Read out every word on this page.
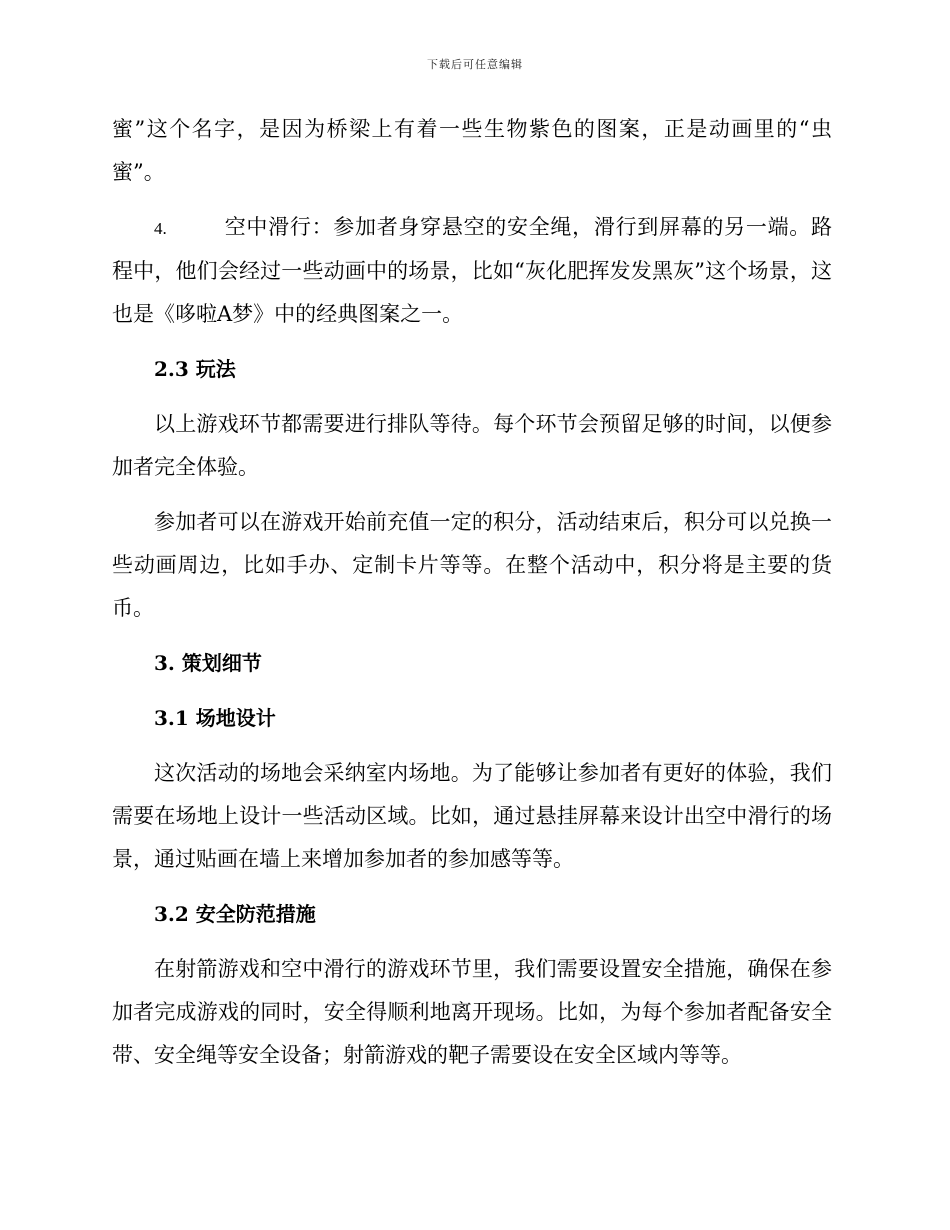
下载后可任意编辑

蜜”这个名字，是因为桥梁上有着一些生物紫色的图案，正是动画里的“虫蜜”。

4.	空中滑行：参加者身穿悬空的安全绳，滑行到屏幕的另一端。路程中，他们会经过一些动画中的场景，比如“灰化肥挥发发黑灰”这个场景，这也是《哆啦A梦》中的经典图案之一。

2.3 玩法

以上游戏环节都需要进行排队等待。每个环节会预留足够的时间，以便参加者完全体验。

参加者可以在游戏开始前充值一定的积分，活动结束后，积分可以兑换一些动画周边，比如手办、定制卡片等等。在整个活动中，积分将是主要的货币。

3. 策划细节
3.1 场地设计

这次活动的场地会采纳室内场地。为了能够让参加者有更好的体验，我们需要在场地上设计一些活动区域。比如，通过悬挂屏幕来设计出空中滑行的场景，通过贴画在墙上来增加参加者的参加感等等。

3.2 安全防范措施

在射箭游戏和空中滑行的游戏环节里，我们需要设置安全措施，确保在参加者完成游戏的同时，安全得顺利地离开现场。比如，为每个参加者配备安全带、安全绳等安全设备；射箭游戏的靶子需要设在安全区域内等等。
